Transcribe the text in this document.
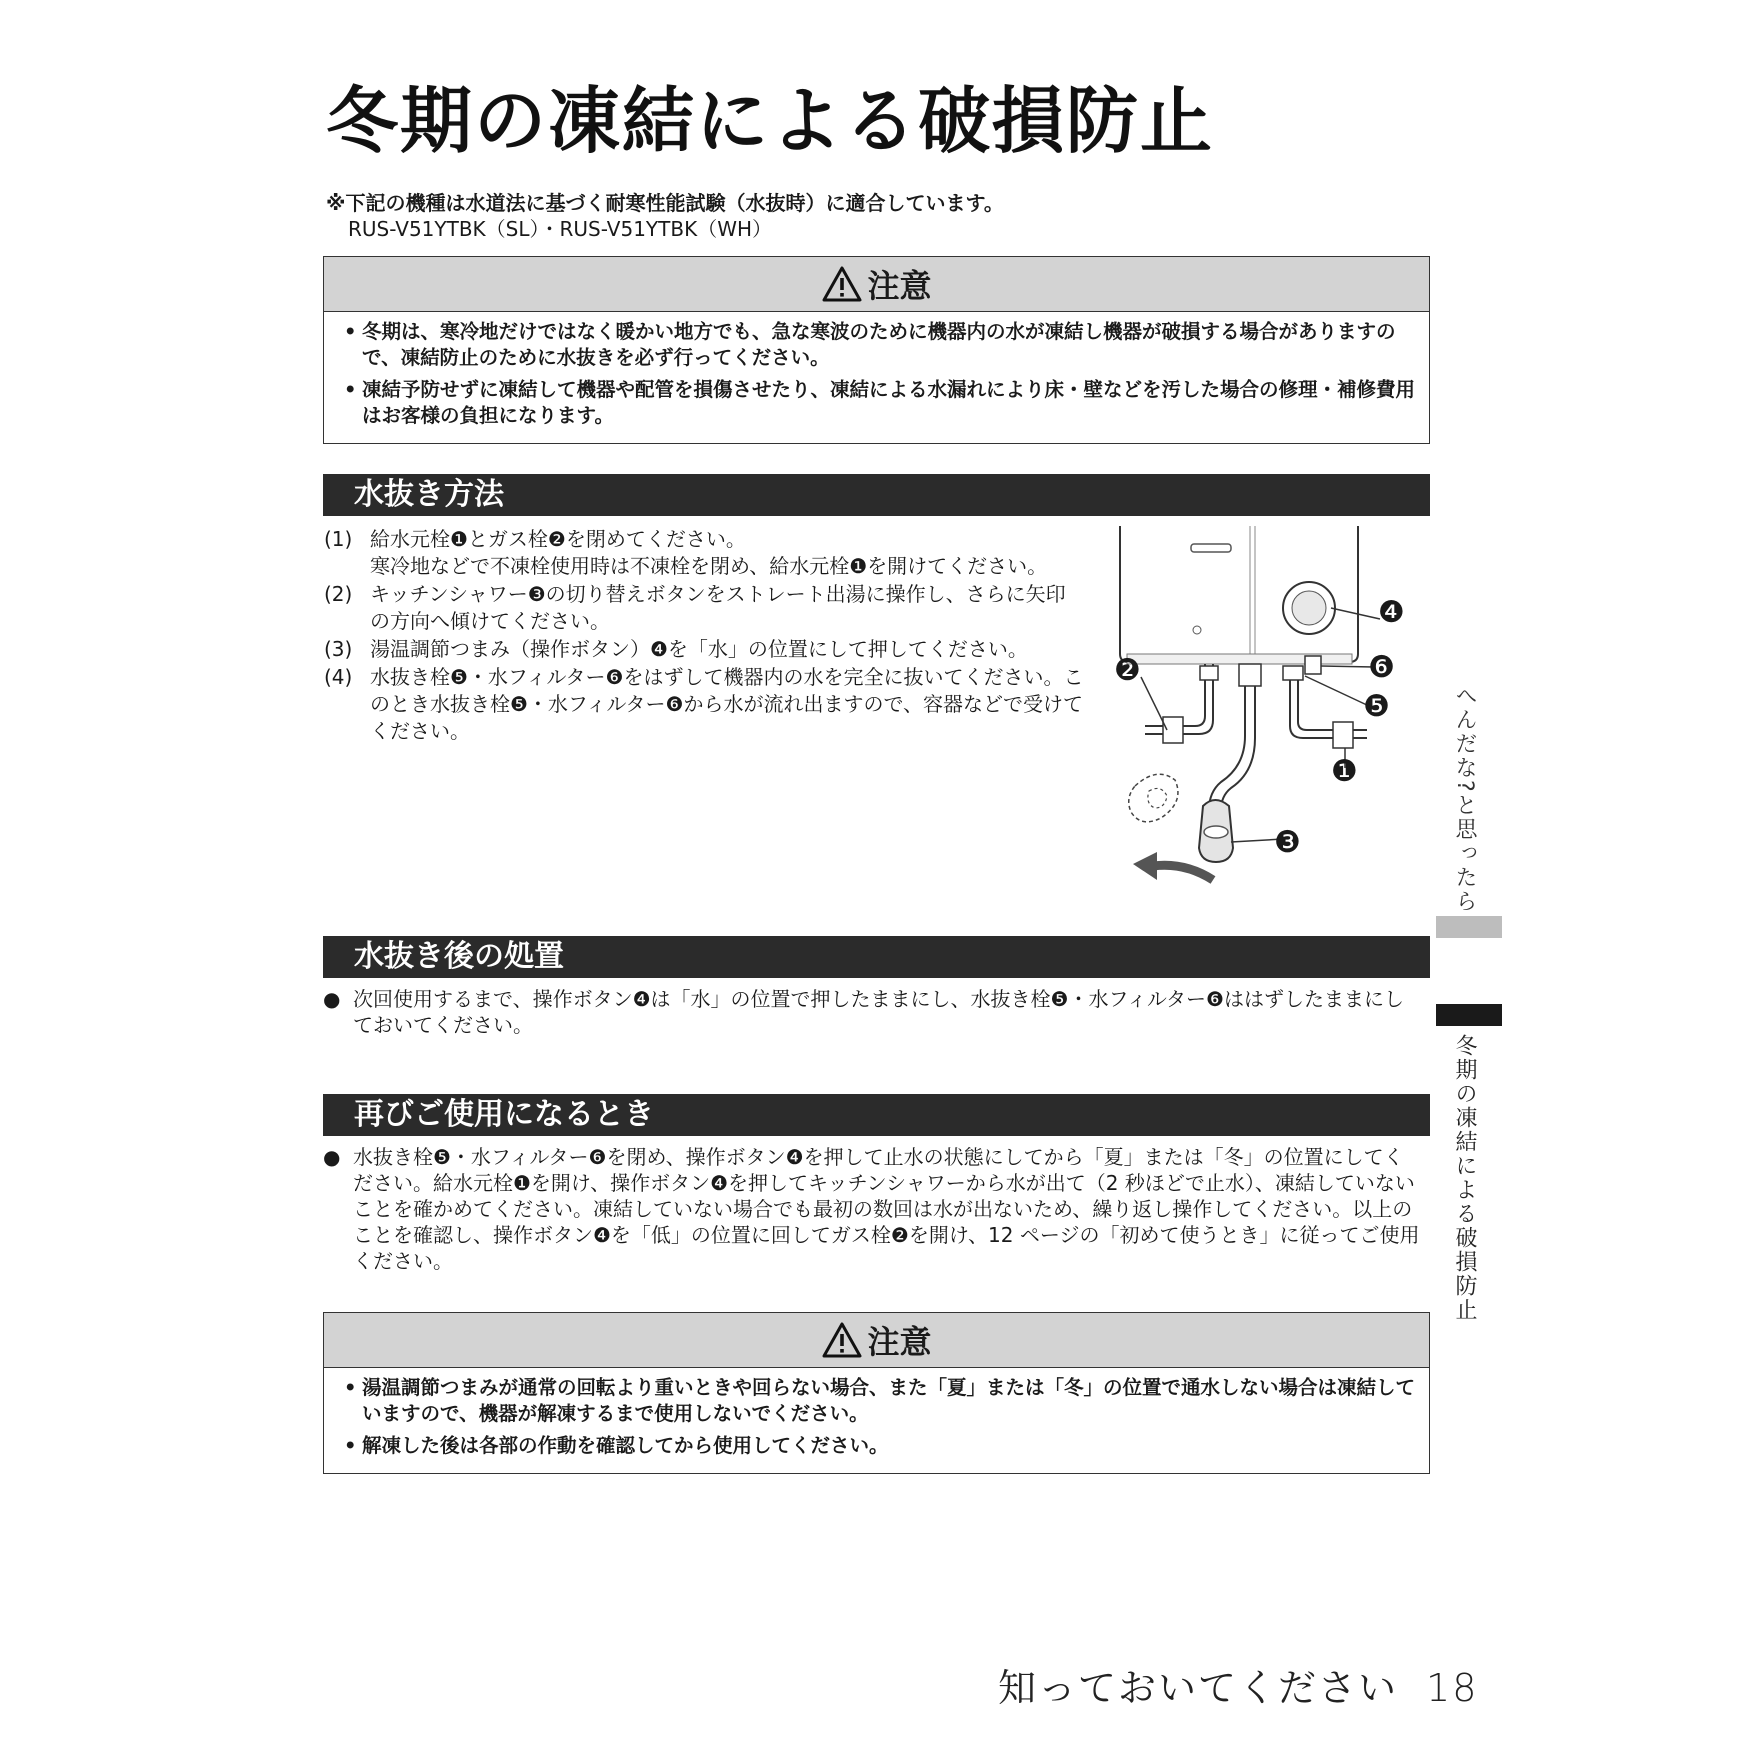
冬期の凍結による破損防止
※下記の機種は水道法に基づく耐寒性能試験（水抜時）に適合しています。
RUS-V51YTBK（SL）・RUS-V51YTBK（WH）
注意
• 冬期は、寒冷地だけではなく暖かい地方でも、急な寒波のために機器内の水が凍結し機器が破損する場合がありますので、凍結防止のために水抜きを必ず行ってください。
• 凍結予防せずに凍結して機器や配管を損傷させたり、凍結による水漏れにより床・壁などを汚した場合の修理・補修費用はお客様の負担になります。
水抜き方法
(1) 給水元栓❶とガス栓❷を閉めてください。
寒冷地などで不凍栓使用時は不凍栓を閉め、給水元栓❶を開けてください。
(2) キッチンシャワー❸の切り替えボタンをストレート出湯に操作し、さらに矢印の方向へ傾けてください。
(3) 湯温調節つまみ（操作ボタン）❹を「水」の位置にして押してください。
(4) 水抜き栓❺・水フィルター❻をはずして機器内の水を完全に抜いてください。このとき水抜き栓❺・水フィルター❻から水が流れ出ますので、容器などで受けてください。
❹
❷	❻
❺
❶
❸
水抜き後の処置
● 次回使用するまで、操作ボタン❹は「水」の位置で押したままにし、水抜き栓❺・水フィルター❻ははずしたままにしておいてください。
再びご使用になるとき
● 水抜き栓❺・水フィルター❻を閉め、操作ボタン❹を押して止水の状態にしてから「夏」または「冬」の位置にしてください。給水元栓❶を開け、操作ボタン❹を押してキッチンシャワーから水が出て（2 秒ほどで止水）、凍結していないことを確かめてください。凍結していない場合でも最初の数回は水が出ないため、繰り返し操作してください。以上のことを確認し、操作ボタン❹を「低」の位置に回してガス栓❷を開け、12 ページの「初めて使うとき」に従ってご使用ください。
注意
• 湯温調節つまみが通常の回転より重いときや回らない場合、また「夏」または「冬」の位置で通水しない場合は凍結していますので、機器が解凍するまで使用しないでください。
• 解凍した後は各部の作動を確認してから使用してください。
へんだな?と思ったら
冬期の凍結による破損防止
知っておいてください 18
